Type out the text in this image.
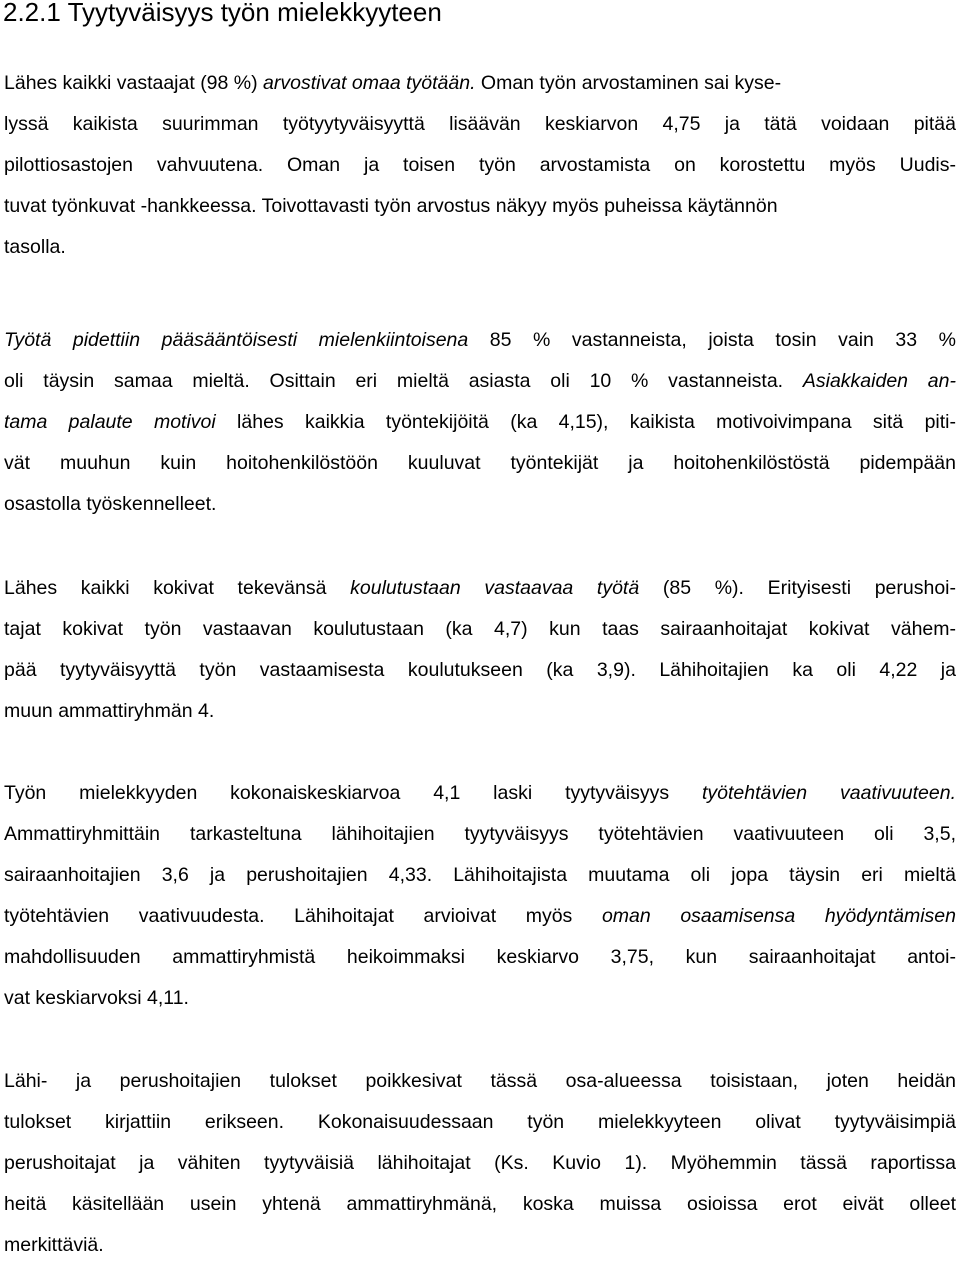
2.2.1 Tyytyväisyys työn mielekkyyteen
Lähes kaikki vastaajat (98 %) arvostivat omaa työtään. Oman työn arvostaminen sai kyse-
lyssä kaikista suurimman työtyytyväisyyttä lisäävän keskiarvon 4,75 ja tätä voidaan pitää
pilottiosastojen vahvuutena. Oman ja toisen työn arvostamista on korostettu myös Uudis-
tuvat työnkuvat -hankkeessa. Toivottavasti työn arvostus näkyy myös puheissa käytännön
tasolla.
Työtä pidettiin pääsääntöisesti mielenkiintoisena 85 % vastanneista, joista tosin vain 33 %
oli täysin samaa mieltä. Osittain eri mieltä asiasta oli 10 % vastanneista. Asiakkaiden an-
tama palaute motivoi lähes kaikkia työntekijöitä (ka 4,15), kaikista motivoivimpana sitä piti-
vät muuhun kuin hoitohenkilöstöön kuuluvat työntekijät ja hoitohenkilöstöstä pidempään
osastolla työskennelleet.
Lähes kaikki kokivat tekevänsä koulutustaan vastaavaa työtä (85 %). Erityisesti perushoi-
tajat kokivat työn vastaavan koulutustaan (ka 4,7) kun taas sairaanhoitajat kokivat vähem-
pää tyytyväisyyttä työn vastaamisesta koulutukseen (ka 3,9). Lähihoitajien ka oli 4,22 ja
muun ammattiryhmän 4.
Työn mielekkyyden kokonaiskeskiarvoa 4,1 laski tyytyväisyys työtehtävien vaativuuteen.
Ammattiryhmittäin tarkasteltuna lähihoitajien tyytyväisyys työtehtävien vaativuuteen oli 3,5,
sairaanhoitajien 3,6 ja perushoitajien 4,33. Lähihoitajista muutama oli jopa täysin eri mieltä
työtehtävien vaativuudesta. Lähihoitajat arvioivat myös oman osaamisensa hyödyntämisen
mahdollisuuden ammattiryhmistä heikoimmaksi keskiarvo 3,75, kun sairaanhoitajat antoi-
vat keskiarvoksi 4,11.
Lähi- ja perushoitajien tulokset poikkesivat tässä osa-alueessa toisistaan, joten heidän
tulokset kirjattiin erikseen. Kokonaisuudessaan työn mielekkyyteen olivat tyytyväisimpiä
perushoitajat ja vähiten tyytyväisiä lähihoitajat (Ks. Kuvio 1). Myöhemmin tässä raportissa
heitä käsitellään usein yhtenä ammattiryhmänä, koska muissa osioissa erot eivät olleet
merkittäviä.
